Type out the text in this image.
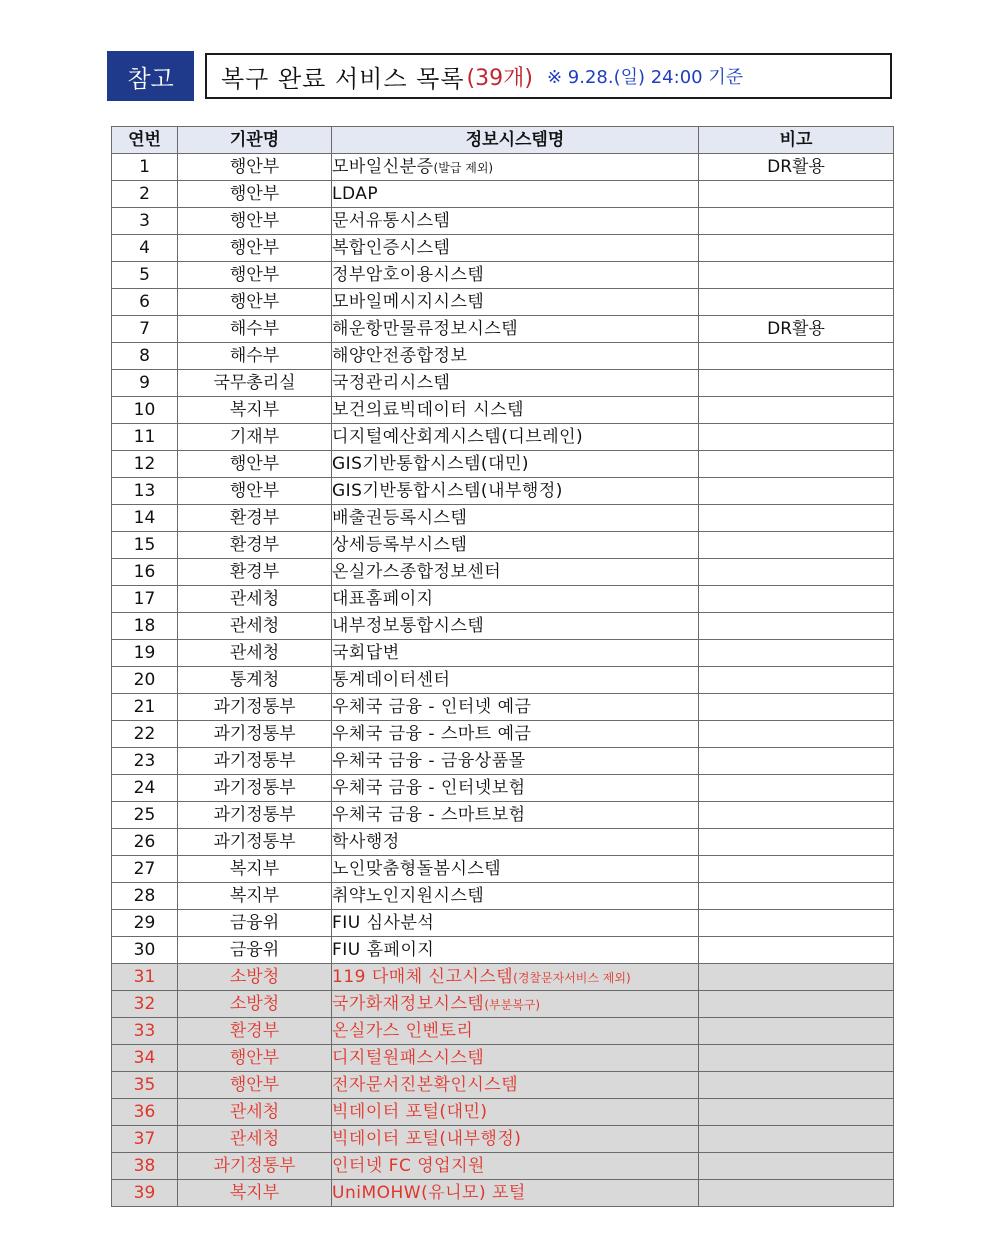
참고	복구 완료 서비스 목록 (39개) ※ 9.28.(일) 24:00 기준
연번	기관명	정보시스템명	비고
1	행안부	모바일신분증(발급 제외)	DR활용
2	행안부	LDAP	
3	행안부	문서유통시스템	
4	행안부	복합인증시스템	
5	행안부	정부암호이용시스템	
6	행안부	모바일메시지시스템	
7	해수부	해운항만물류정보시스템	DR활용
8	해수부	해양안전종합정보	
9	국무총리실	국정관리시스템	
10	복지부	보건의료빅데이터 시스템	
11	기재부	디지털예산회계시스템(디브레인)	
12	행안부	GIS기반통합시스템(대민)	
13	행안부	GIS기반통합시스템(내부행정)	
14	환경부	배출권등록시스템	
15	환경부	상세등록부시스템	
16	환경부	온실가스종합정보센터	
17	관세청	대표홈페이지	
18	관세청	내부정보통합시스템	
19	관세청	국회답변	
20	통계청	통계데이터센터	
21	과기정통부	우체국 금융 - 인터넷 예금	
22	과기정통부	우체국 금융 - 스마트 예금	
23	과기정통부	우체국 금융 - 금융상품몰	
24	과기정통부	우체국 금융 - 인터넷보험	
25	과기정통부	우체국 금융 - 스마트보험	
26	과기정통부	학사행정	
27	복지부	노인맞춤형돌봄시스템	
28	복지부	취약노인지원시스템	
29	금융위	FIU 심사분석	
30	금융위	FIU 홈페이지	
31	소방청	119 다매체 신고시스템(경찰문자서비스 제외)	
32	소방청	국가화재정보시스템(부분복구)	
33	환경부	온실가스 인벤토리	
34	행안부	디지털원패스시스템	
35	행안부	전자문서진본확인시스템	
36	관세청	빅데이터 포털(대민)	
37	관세청	빅데이터 포털(내부행정)	
38	과기정통부	인터넷 FC 영업지원	
39	복지부	UniMOHW(유니모) 포털	
